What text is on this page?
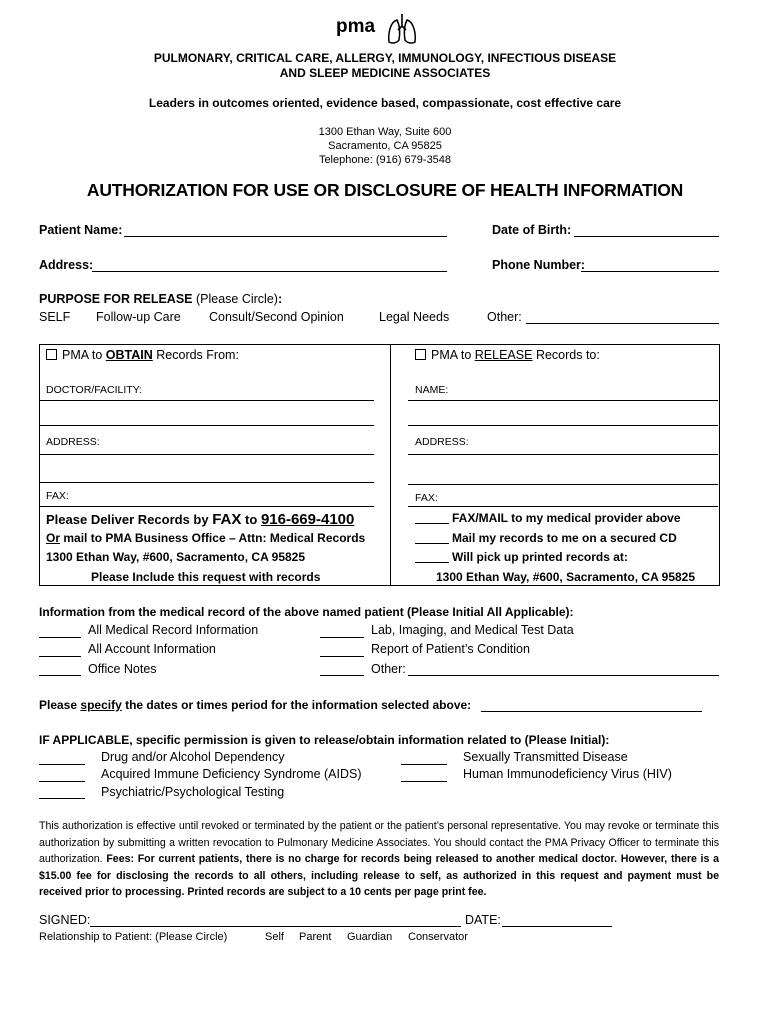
pma
PULMONARY, CRITICAL CARE, ALLERGY, IMMUNOLOGY, INFECTIOUS DISEASE
AND SLEEP MEDICINE ASSOCIATES
Leaders in outcomes oriented, evidence based, compassionate, cost effective care
1300 Ethan Way, Suite 600
Sacramento, CA 95825
Telephone: (916) 679-3548
AUTHORIZATION FOR USE OR DISCLOSURE OF HEALTH INFORMATION
Patient Name:	Date of Birth:
Address:	Phone Number:
PURPOSE FOR RELEASE (Please Circle):
SELF Follow-up Care Consult/Second Opinion	Legal Needs	Other:
PMA to OBTAIN Records From:
DOCTOR/FACILITY:
ADDRESS:
FAX:
Please Deliver Records by FAX to 916-669-4100
Or mail to PMA Business Office – Attn: Medical Records
1300 Ethan Way, #600, Sacramento, CA 95825
Please Include this request with records
PMA to RELEASE Records to:
NAME:
ADDRESS:
FAX:
FAX/MAIL to my medical provider above
Mail my records to me on a secured CD
Will pick up printed records at:
1300 Ethan Way, #600, Sacramento, CA 95825
Information from the medical record of the above named patient (Please Initial All Applicable):
All Medical Record Information	Lab, Imaging, and Medical Test Data
All Account Information	Report of Patient’s Condition
Office Notes	Other:
Please specify the dates or times period for the information selected above:
IF APPLICABLE, specific permission is given to release/obtain information related to (Please Initial):
Drug and/or Alcohol Dependency	Sexually Transmitted Disease
Acquired Immune Deficiency Syndrome (AIDS)	Human Immunodeficiency Virus (HIV)
Psychiatric/Psychological Testing
This authorization is effective until revoked or terminated by the patient or the patient’s personal representative. You may revoke or terminate this authorization by submitting a written revocation to Pulmonary Medicine Associates. You should contact the PMA Privacy Officer to terminate this authorization. Fees: For current patients, there is no charge for records being released to another medical doctor. However, there is a $15.00 fee for disclosing the records to all others, including release to self, as authorized in this request and payment must be received prior to processing. Printed records are subject to a 10 cents per page print fee.
SIGNED:	DATE:
Relationship to Patient: (Please Circle)	Self Parent Guardian Conservator
